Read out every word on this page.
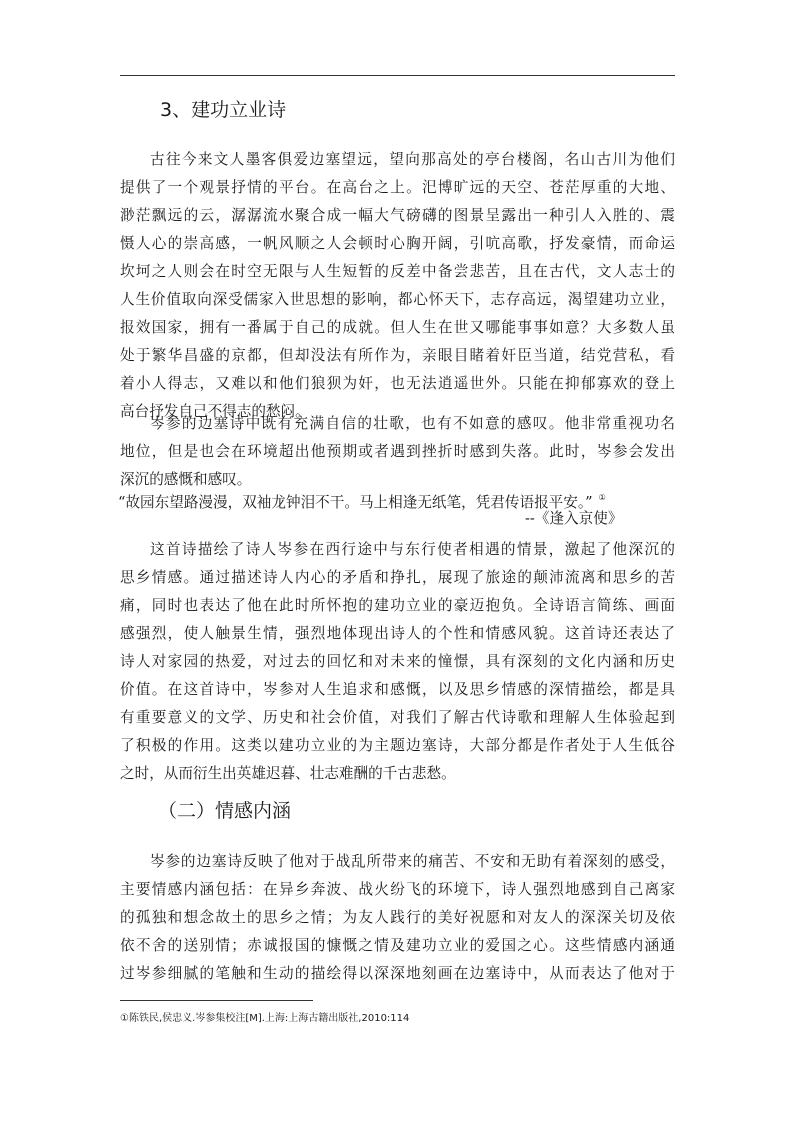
3、建功立业诗
古往今来文人墨客俱爱边塞望远，望向那高处的亭台楼阁，名山古川为他们
提供了一个观景抒情的平台。在高台之上。汜博旷远的天空、苍茫厚重的大地、
渺茫飘远的云，潺潺流水聚合成一幅大气磅礴的图景呈露出一种引人入胜的、震
慑人心的崇高感，一帆风顺之人会顿时心胸开阔，引吭高歌，抒发豪情，而命运
坎坷之人则会在时空无限与人生短暂的反差中备尝悲苦，且在古代，文人志士的
人生价值取向深受儒家入世思想的影响，都心怀天下，志存高远，渴望建功立业，
报效国家，拥有一番属于自己的成就。但人生在世又哪能事事如意？大多数人虽
处于繁华昌盛的京都，但却没法有所作为，亲眼目睹着奸臣当道，结党营私，看
着小人得志，又难以和他们狼狈为奸，也无法逍遥世外。只能在抑郁寡欢的登上
高台抒发自己不得志的愁闷。
岑参的边塞诗中既有充满自信的壮歌，也有不如意的感叹。他非常重视功名
地位，但是也会在环境超出他预期或者遇到挫折时感到失落。此时，岑参会发出
深沉的感慨和感叹。
“故园东望路漫漫，双袖龙钟泪不干。马上相逢无纸笔，凭君传语报平安。” ①
--《逢入京使》
这首诗描绘了诗人岑参在西行途中与东行使者相遇的情景，激起了他深沉的
思乡情感。通过描述诗人内心的矛盾和挣扎，展现了旅途的颠沛流离和思乡的苦
痛，同时也表达了他在此时所怀抱的建功立业的豪迈抱负。全诗语言简练、画面
感强烈，使人触景生情，强烈地体现出诗人的个性和情感风貌。这首诗还表达了
诗人对家园的热爱，对过去的回忆和对未来的憧憬，具有深刻的文化内涵和历史
价值。在这首诗中，岑参对人生追求和感慨，以及思乡情感的深情描绘，都是具
有重要意义的文学、历史和社会价值，对我们了解古代诗歌和理解人生体验起到
了积极的作用。这类以建功立业的为主题边塞诗，大部分都是作者处于人生低谷
之时，从而衍生出英雄迟暮、壮志难酬的千古悲愁。
（二）情感内涵
岑参的边塞诗反映了他对于战乱所带来的痛苦、不安和无助有着深刻的感受，
主要情感内涵包括：在异乡奔波、战火纷飞的环境下，诗人强烈地感到自己离家
的孤独和想念故土的思乡之情；为友人践行的美好祝愿和对友人的深深关切及依
依不舍的送别情；赤诚报国的慷慨之情及建功立业的爱国之心。这些情感内涵通
过岑参细腻的笔触和生动的描绘得以深深地刻画在边塞诗中，从而表达了他对于
①陈铁民,侯忠义.岑参集校注[M].上海:上海古籍出版社,2010:114
